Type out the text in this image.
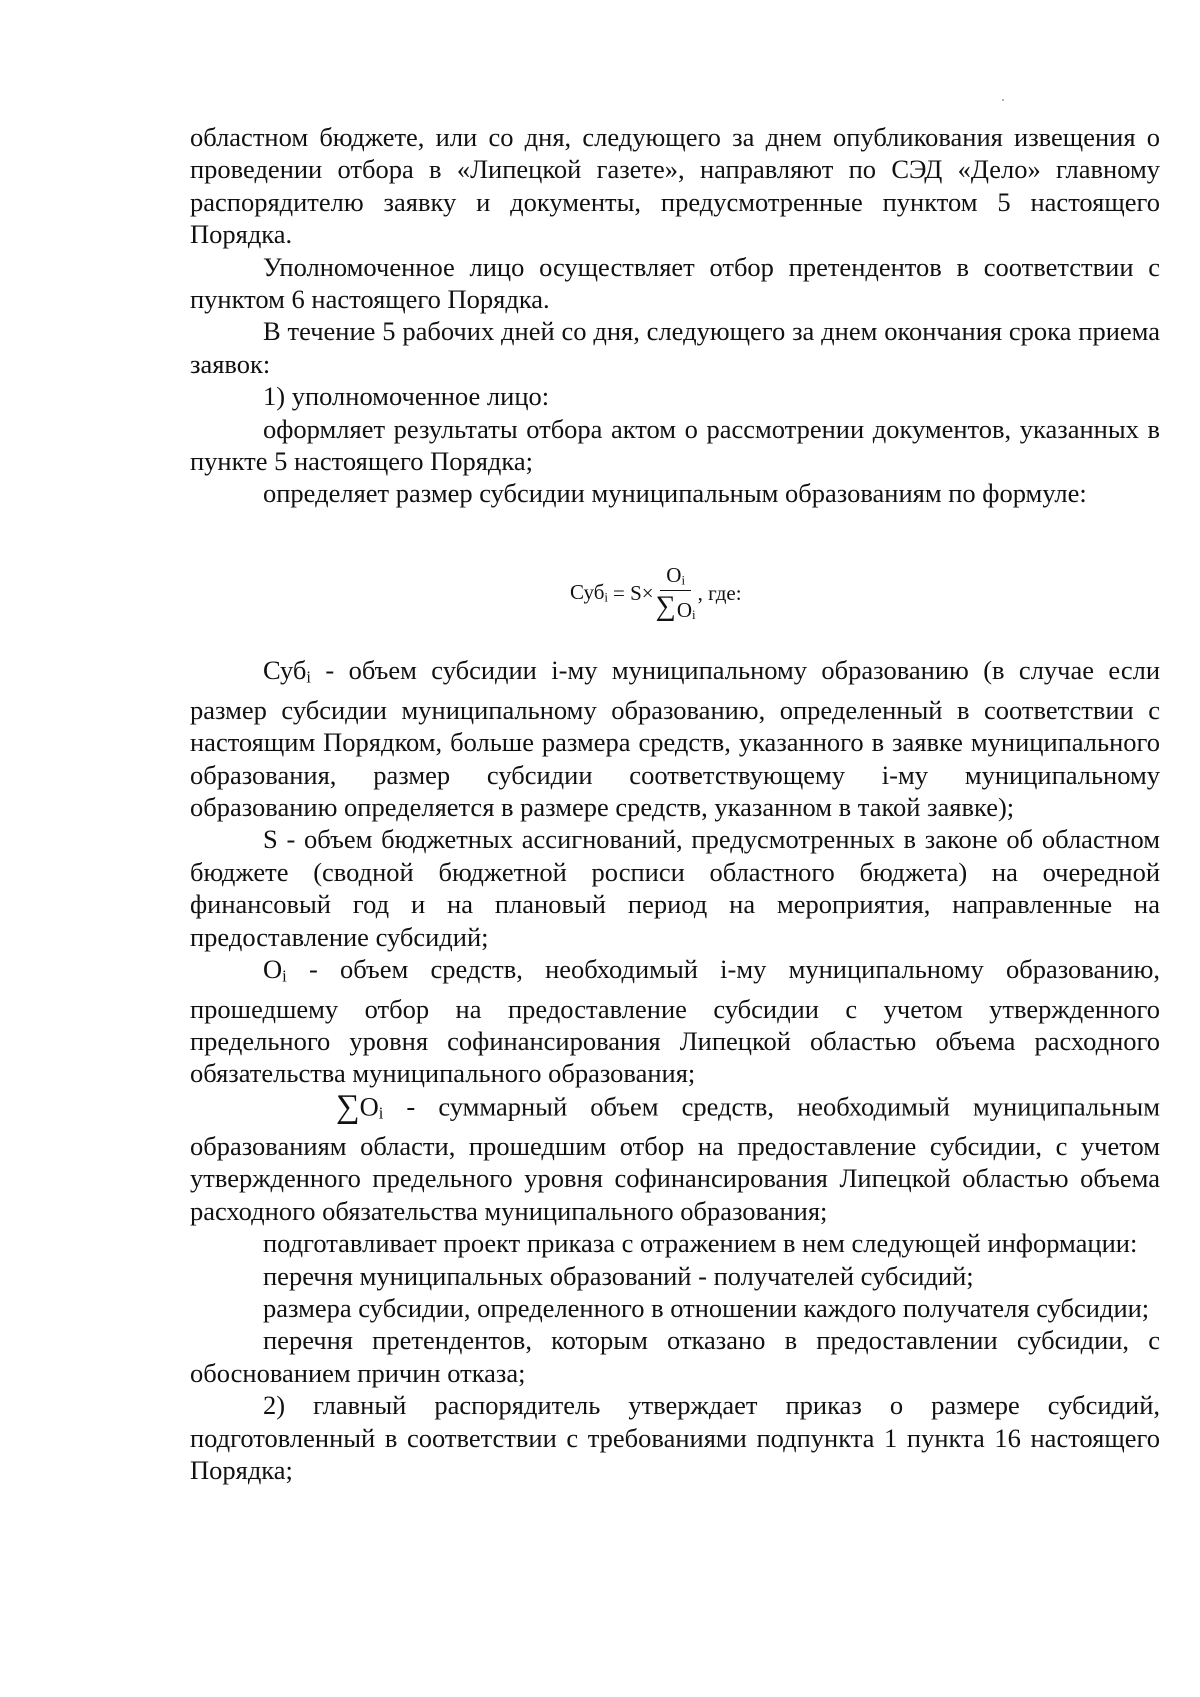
областном бюджете, или со дня, следующего за днем опубликования извещения о проведении отбора в «Липецкой газете», направляют по СЭД «Дело» главному распорядителю заявку и документы, предусмотренные пунктом 5 настоящего Порядка.

Уполномоченное лицо осуществляет отбор претендентов в соответствии с пунктом 6 настоящего Порядка.

В течение 5 рабочих дней со дня, следующего за днем окончания срока приема заявок:

1) уполномоченное лицо:

оформляет результаты отбора актом о рассмотрении документов, указанных в пункте 5 настоящего Порядка;

определяет размер субсидии муниципальным образованиям по формуле:

$Суб_i = S\times \frac{O_i}{\text{∑ O i}}$ , где:

Суб$_i$ - объем субсидии i-му муниципальному образованию (в случае если размер субсидии муниципальному образованию, определенный в соответствии с настоящим Порядком, больше размера средств, указанного в заявке муниципального образования, размер субсидии соответствующему i-му муниципальному образованию определяется в размере средств, указанном в такой заявке);

S - объем бюджетных ассигнований, предусмотренных в законе об областном бюджете (сводной бюджетной росписи областного бюджета) на очередной финансовый год и на плановый период на мероприятия, направленные на предоставление субсидий;

$O_i$ - объем средств, необходимый i-му муниципальному образованию, прошедшему отбор на предоставление субсидии с учетом утвержденного предельного уровня софинансирования Липецкой областью объема расходного обязательства муниципального образования;

$\sum O_i$ - суммарный объем средств, необходимый муниципальным образованиям области, прошедшим отбор на предоставление субсидии, с учетом утвержденного предельного уровня софинансирования Липецкой областью объема расходного обязательства муниципального образования;

подготавливает проект приказа с отражением в нем следующей информации:

перечня муниципальных образований - получателей субсидий;

размера субсидии, определенного в отношении каждого получателя субсидии;

перечня претендентов, которым отказано в предоставлении субсидии, с обоснованием причин отказа;

2) главный распорядитель утверждает приказ о размере субсидий, подготовленный в соответствии с требованиями подпункта 1 пункта 16 настоящего Порядка;
